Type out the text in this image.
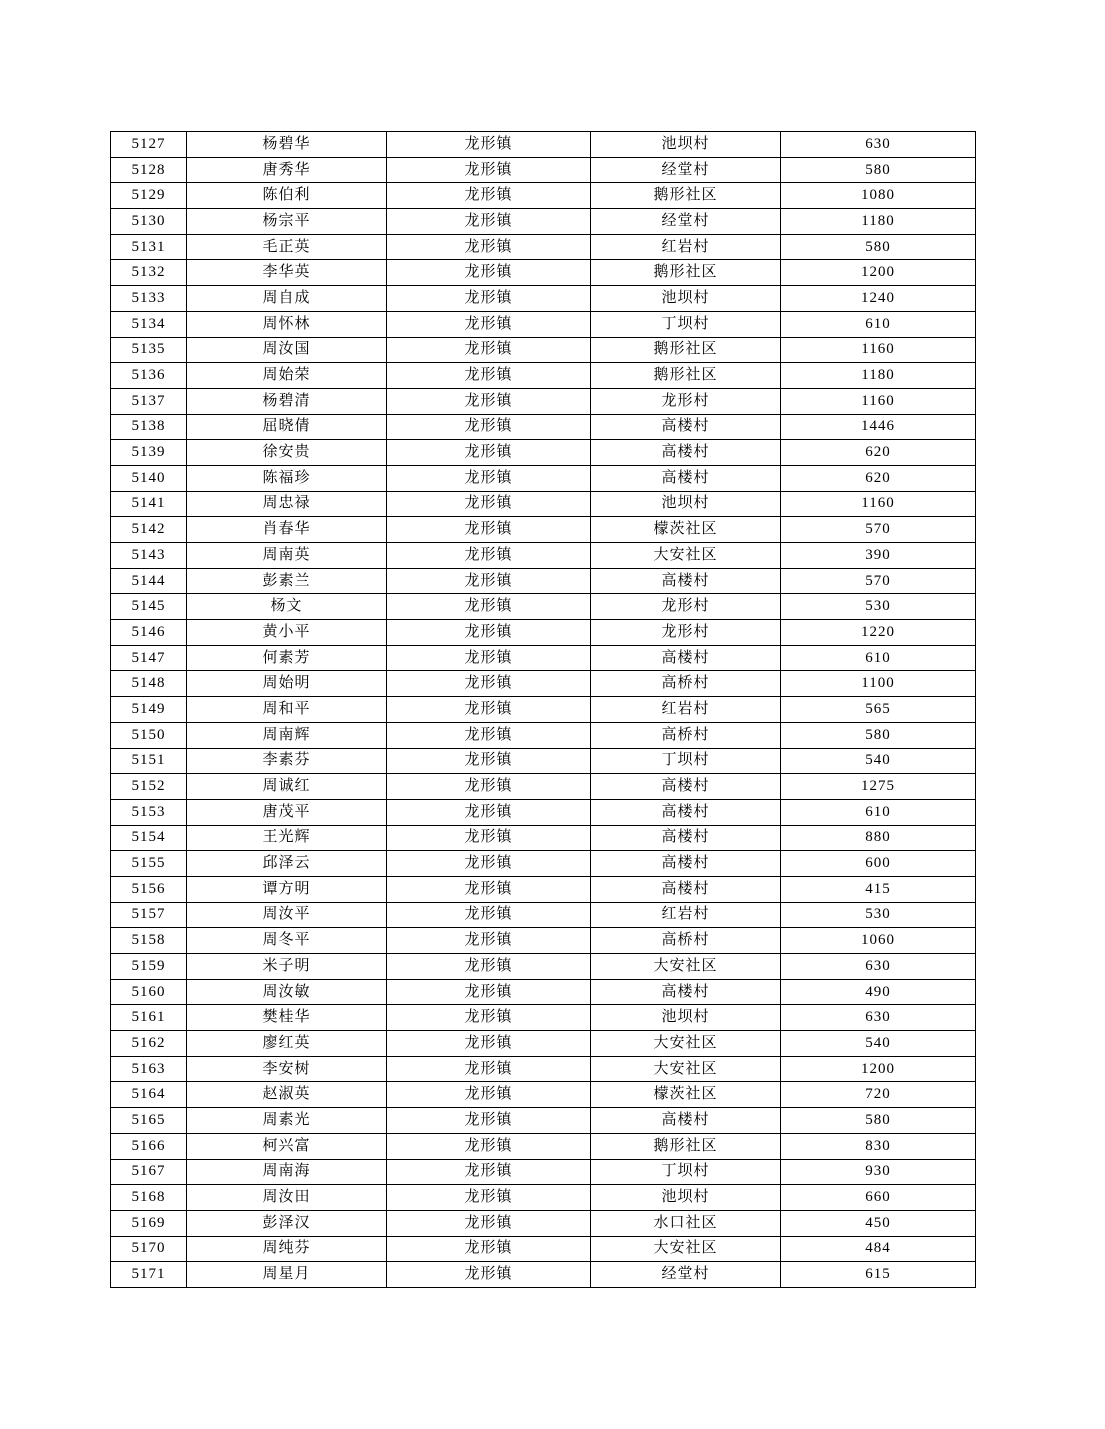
5127	杨碧华	龙形镇	池坝村	630
5128	唐秀华	龙形镇	经堂村	580
5129	陈伯利	龙形镇	鹅形社区	1080
5130	杨宗平	龙形镇	经堂村	1180
5131	毛正英	龙形镇	红岩村	580
5132	李华英	龙形镇	鹅形社区	1200
5133	周自成	龙形镇	池坝村	1240
5134	周怀林	龙形镇	丁坝村	610
5135	周汝国	龙形镇	鹅形社区	1160
5136	周始荣	龙形镇	鹅形社区	1180
5137	杨碧清	龙形镇	龙形村	1160
5138	屈晓倩	龙形镇	高楼村	1446
5139	徐安贵	龙形镇	高楼村	620
5140	陈福珍	龙形镇	高楼村	620
5141	周忠禄	龙形镇	池坝村	1160
5142	肖春华	龙形镇	檬茨社区	570
5143	周南英	龙形镇	大安社区	390
5144	彭素兰	龙形镇	高楼村	570
5145	杨文	龙形镇	龙形村	530
5146	黄小平	龙形镇	龙形村	1220
5147	何素芳	龙形镇	高楼村	610
5148	周始明	龙形镇	高桥村	1100
5149	周和平	龙形镇	红岩村	565
5150	周南辉	龙形镇	高桥村	580
5151	李素芬	龙形镇	丁坝村	540
5152	周诚红	龙形镇	高楼村	1275
5153	唐茂平	龙形镇	高楼村	610
5154	王光辉	龙形镇	高楼村	880
5155	邱泽云	龙形镇	高楼村	600
5156	谭方明	龙形镇	高楼村	415
5157	周汝平	龙形镇	红岩村	530
5158	周冬平	龙形镇	高桥村	1060
5159	米子明	龙形镇	大安社区	630
5160	周汝敏	龙形镇	高楼村	490
5161	樊桂华	龙形镇	池坝村	630
5162	廖红英	龙形镇	大安社区	540
5163	李安树	龙形镇	大安社区	1200
5164	赵淑英	龙形镇	檬茨社区	720
5165	周素光	龙形镇	高楼村	580
5166	柯兴富	龙形镇	鹅形社区	830
5167	周南海	龙形镇	丁坝村	930
5168	周汝田	龙形镇	池坝村	660
5169	彭泽汉	龙形镇	水口社区	450
5170	周纯芬	龙形镇	大安社区	484
5171	周星月	龙形镇	经堂村	615
